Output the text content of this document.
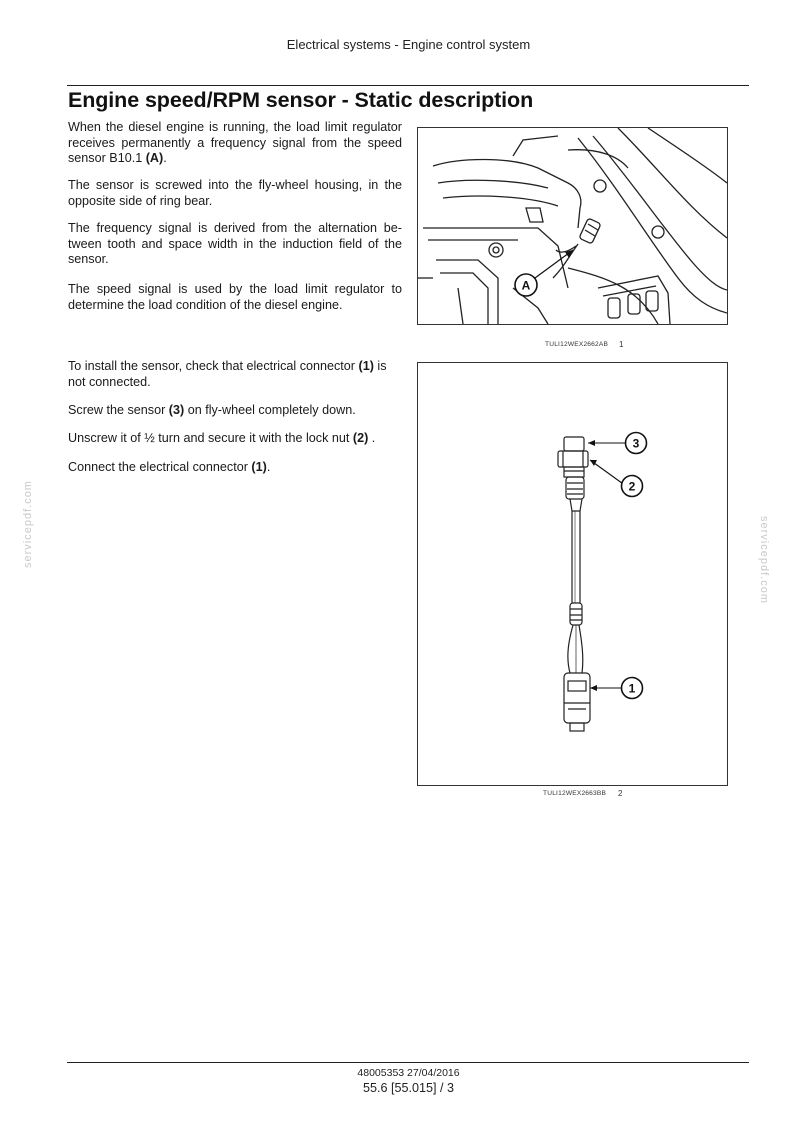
Electrical systems - Engine control system
Engine speed/RPM sensor - Static description

When the diesel engine is running, the load limit regulator receives permanently a frequency signal from the speed sensor B10.1 (A).

The sensor is screwed into the fly-wheel housing, in the opposite side of ring bear.

The frequency signal is derived from the alternation be-tween tooth and space width in the induction field of the sensor.

The speed signal is used by the load limit regulator to determine the load condition of the diesel engine.

A
TULI12WEX2662AB 1

To install the sensor, check that electrical connector (1) is not connected.

Screw the sensor (3) on fly-wheel completely down.

Unscrew it of ½ turn and secure it with the lock nut (2) .

Connect the electrical connector (1).

3
2
1
TULI12WEX2663BB 2
servicepdf.com	servicepdf.com
48005353 27/04/2016
55.6 [55.015] / 3
